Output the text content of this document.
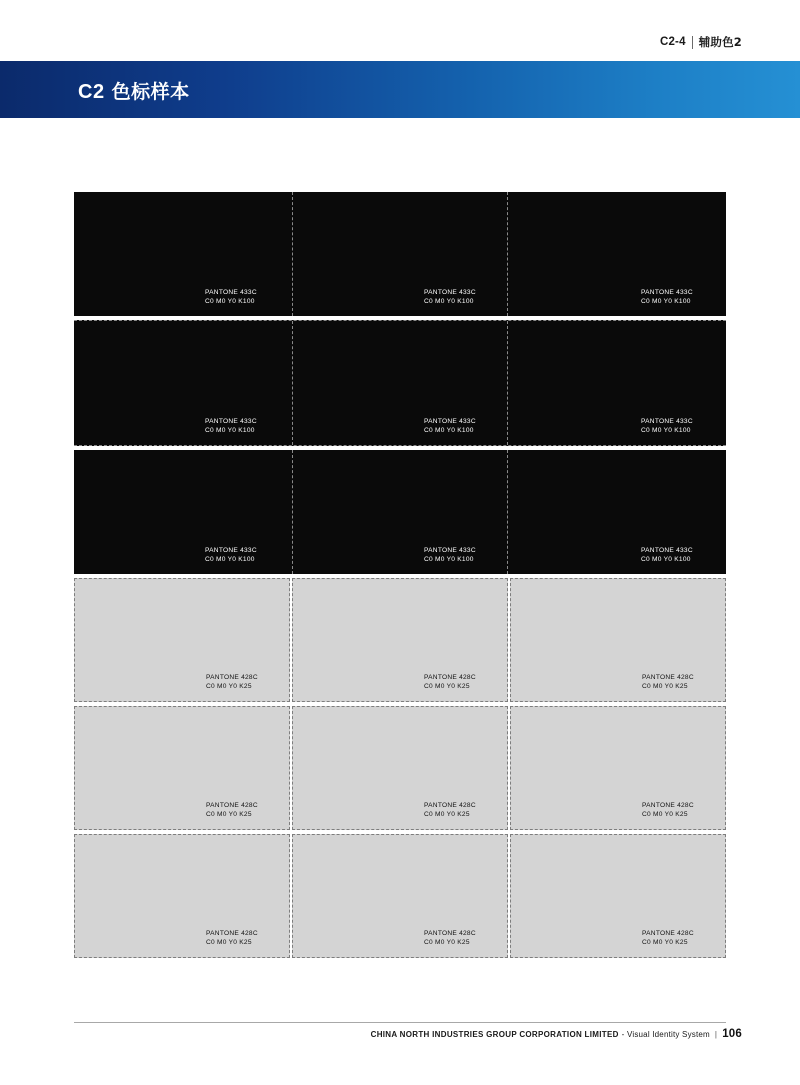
C2-4 辅助色2
C2 色标样本
PANTONE 433C
C0 M0 Y0 K100
PANTONE 433C
C0 M0 Y0 K100
PANTONE 433C
C0 M0 Y0 K100
PANTONE 433C
C0 M0 Y0 K100
PANTONE 433C
C0 M0 Y0 K100
PANTONE 433C
C0 M0 Y0 K100
PANTONE 433C
C0 M0 Y0 K100
PANTONE 433C
C0 M0 Y0 K100
PANTONE 433C
C0 M0 Y0 K100
PANTONE 428C
C0 M0 Y0 K25
PANTONE 428C
C0 M0 Y0 K25
PANTONE 428C
C0 M0 Y0 K25
PANTONE 428C
C0 M0 Y0 K25
PANTONE 428C
C0 M0 Y0 K25
PANTONE 428C
C0 M0 Y0 K25
PANTONE 428C
C0 M0 Y0 K25
PANTONE 428C
C0 M0 Y0 K25
PANTONE 428C
C0 M0 Y0 K25
CHINA NORTH INDUSTRIES GROUP CORPORATION LIMITED - Visual Identity System | 106
